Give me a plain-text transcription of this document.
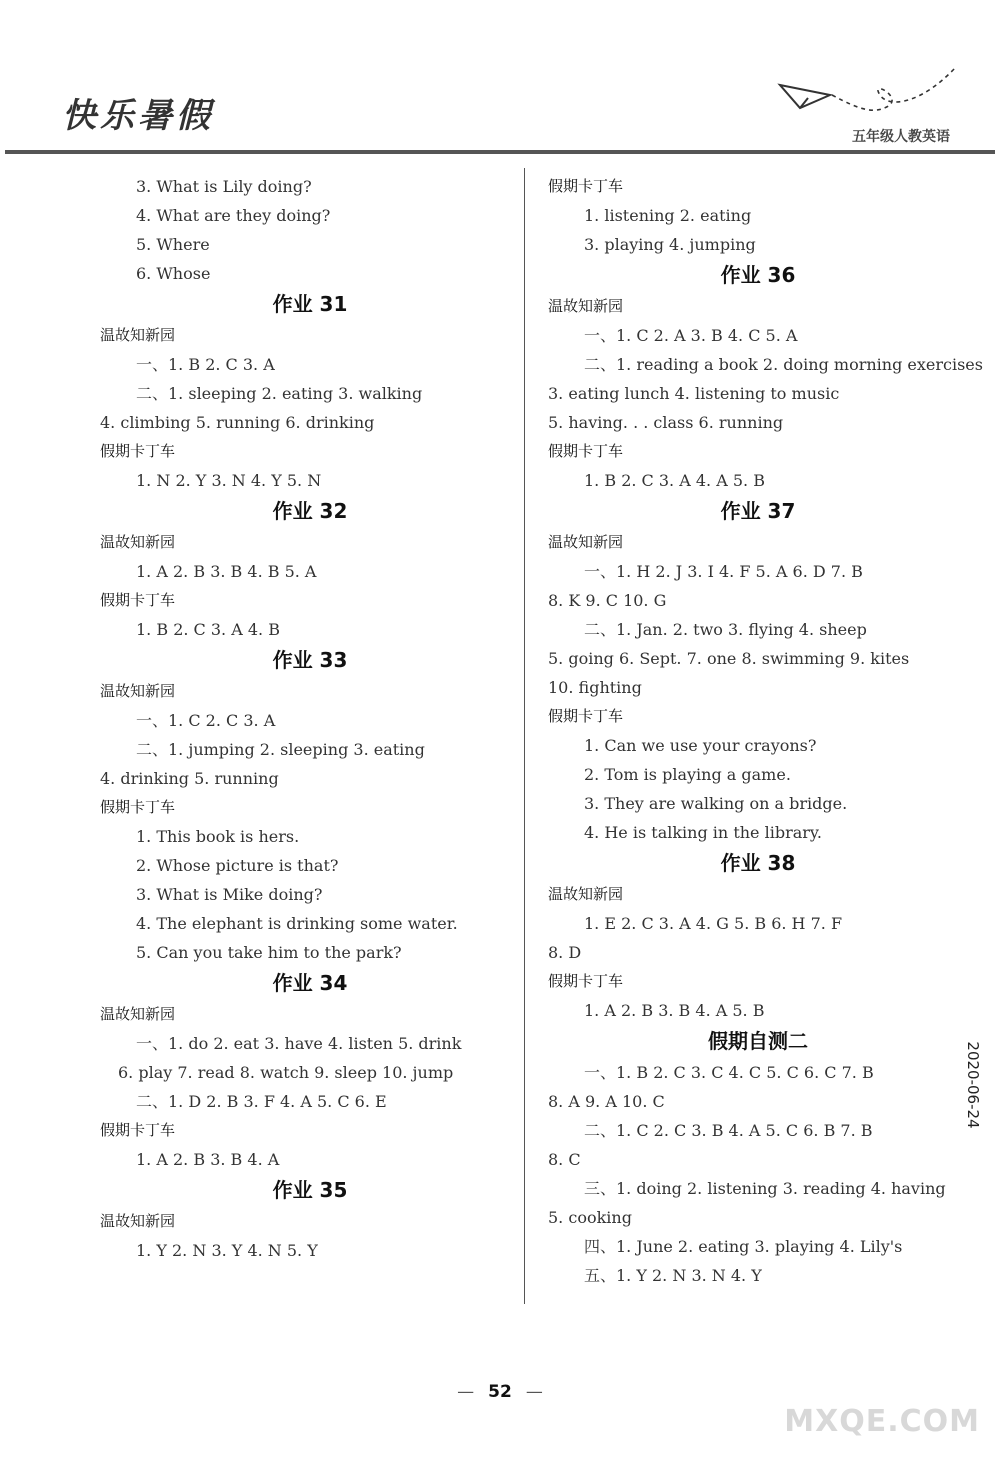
快乐暑假
五年级人教英语
3. What is Lily doing?
4. What are they doing?
5. Where
6. Whose
作业 31
温故知新园
一、1. B 2. C 3. A
二、1. sleeping 2. eating 3. walking
4. climbing 5. running 6. drinking
假期卡丁车
1. N 2. Y 3. N 4. Y 5. N
作业 32
温故知新园
1. A 2. B 3. B 4. B 5. A
假期卡丁车
1. B 2. C 3. A 4. B
作业 33
温故知新园
一、1. C 2. C 3. A
二、1. jumping 2. sleeping 3. eating
4. drinking 5. running
假期卡丁车
1. This book is hers.
2. Whose picture is that?
3. What is Mike doing?
4. The elephant is drinking some water.
5. Can you take him to the park?
作业 34
温故知新园
一、1. do 2. eat 3. have 4. listen 5. drink
6. play 7. read 8. watch 9. sleep 10. jump
二、1. D 2. B 3. F 4. A 5. C 6. E
假期卡丁车
1. A 2. B 3. B 4. A
作业 35
温故知新园
1. Y 2. N 3. Y 4. N 5. Y
假期卡丁车
1. listening 2. eating
3. playing 4. jumping
作业 36
温故知新园
一、1. C 2. A 3. B 4. C 5. A
二、1. reading a book 2. doing morning exercises
3. eating lunch 4. listening to music
5. having. . . class 6. running
假期卡丁车
1. B 2. C 3. A 4. A 5. B
作业 37
温故知新园
一、1. H 2. J 3. I 4. F 5. A 6. D 7. B
8. K 9. C 10. G
二、1. Jan. 2. two 3. flying 4. sheep
5. going 6. Sept. 7. one 8. swimming 9. kites
10. fighting
假期卡丁车
1. Can we use your crayons?
2. Tom is playing a game.
3. They are walking on a bridge.
4. He is talking in the library.
作业 38
温故知新园
1. E 2. C 3. A 4. G 5. B 6. H 7. F
8. D
假期卡丁车
1. A 2. B 3. B 4. A 5. B
假期自测二
一、1. B 2. C 3. C 4. C 5. C 6. C 7. B
8. A 9. A 10. C
二、1. C 2. C 3. B 4. A 5. C 6. B 7. B
8. C
三、1. doing 2. listening 3. reading 4. having
5. cooking
四、1. June 2. eating 3. playing 4. Lily's
五、1. Y 2. N 3. N 4. Y
2020-06-24
— 52 —
MXQE.COM
